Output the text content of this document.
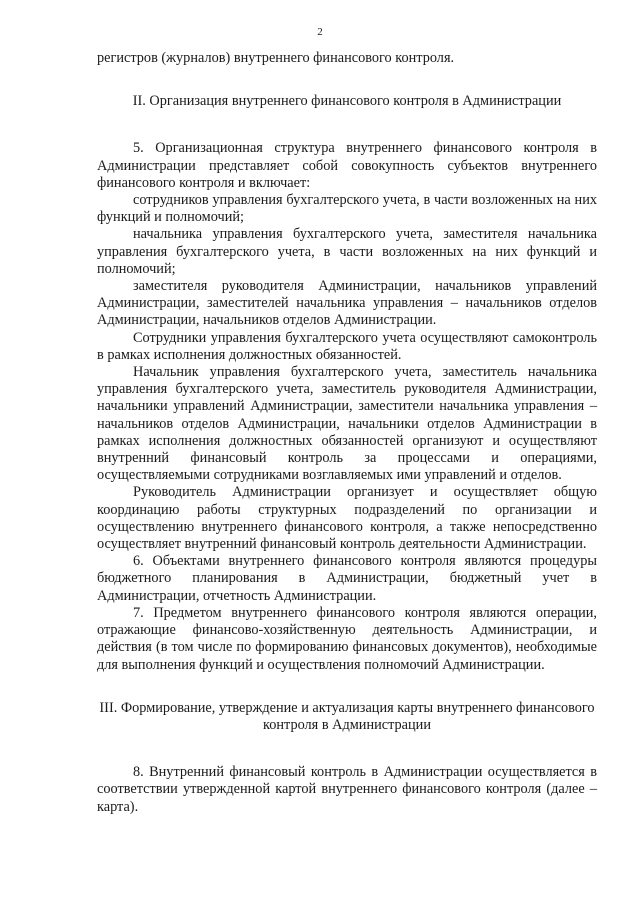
2

регистров (журналов) внутреннего финансового контроля.

II. Организация внутреннего финансового контроля в Администрации

5. Организационная структура внутреннего финансового контроля в Администрации представляет собой совокупность субъектов внутреннего финансового контроля и включает:

сотрудников управления бухгалтерского учета, в части возложенных на них функций и полномочий;

начальника управления бухгалтерского учета, заместителя начальника управления бухгалтерского учета, в части возложенных на них функций и полномочий;

заместителя руководителя Администрации, начальников управлений Администрации, заместителей начальника управления – начальников отделов Администрации, начальников отделов Администрации.

Сотрудники управления бухгалтерского учета осуществляют самоконтроль в рамках исполнения должностных обязанностей.

Начальник управления бухгалтерского учета, заместитель начальника управления бухгалтерского учета, заместитель руководителя Администрации, начальники управлений Администрации, заместители начальника управления – начальников отделов Администрации, начальники отделов Администрации в рамках исполнения должностных обязанностей организуют и осуществляют внутренний финансовый контроль за процессами и операциями, осуществляемыми сотрудниками возглавляемых ими управлений и отделов.

Руководитель Администрации организует и осуществляет общую координацию работы структурных подразделений по организации и осуществлению внутреннего финансового контроля, а также непосредственно осуществляет внутренний финансовый контроль деятельности Администрации.

6. Объектами внутреннего финансового контроля являются процедуры бюджетного планирования в Администрации, бюджетный учет в Администрации, отчетность Администрации.

7. Предметом внутреннего финансового контроля являются операции, отражающие финансово-хозяйственную деятельность Администрации, и действия (в том числе по формированию финансовых документов), необходимые для выполнения функций и осуществления полномочий Администрации.

III. Формирование, утверждение и актуализация карты внутреннего финансового контроля в Администрации

8. Внутренний финансовый контроль в Администрации осуществляется в соответствии утвержденной картой внутреннего финансового контроля (далее – карта).
